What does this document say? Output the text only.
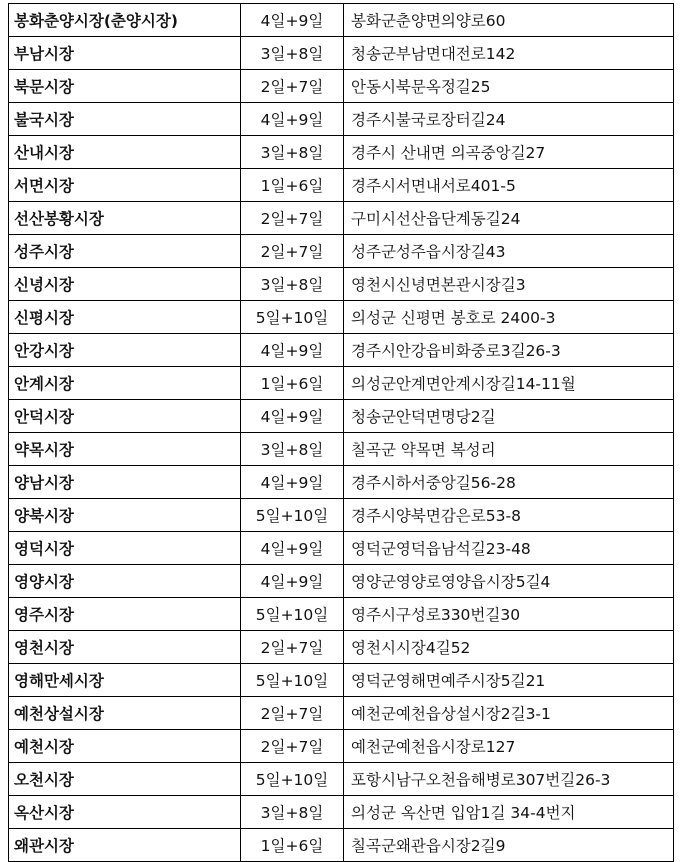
봉화춘양시장(춘양시장)	4일+9일	봉화군춘양면의양로60
부남시장	3일+8일	청송군부남면대전로142
북문시장	2일+7일	안동시북문옥정길25
불국시장	4일+9일	경주시불국로장터길24
산내시장	3일+8일	경주시 산내면 의곡중앙길27
서면시장	1일+6일	경주시서면내서로401-5
선산봉황시장	2일+7일	구미시선산읍단계동길24
성주시장	2일+7일	성주군성주읍시장길43
신녕시장	3일+8일	영천시신녕면본관시장길3
신평시장	5일+10일	의성군 신평면 봉호로 2400-3
안강시장	4일+9일	경주시안강읍비화중로3길26-3
안계시장	1일+6일	의성군안계면안계시장길14-11월
안덕시장	4일+9일	청송군안덕면명당2길
약목시장	3일+8일	칠곡군 약목면 복성리
양남시장	4일+9일	경주시하서중앙길56-28
양북시장	5일+10일	경주시양북면감은로53-8
영덕시장	4일+9일	영덕군영덕읍남석길23-48
영양시장	4일+9일	영양군영양로영양읍시장5길4
영주시장	5일+10일	영주시구성로330번길30
영천시장	2일+7일	영천시시장4길52
영해만세시장	5일+10일	영덕군영해면예주시장5길21
예천상설시장	2일+7일	예천군예천읍상설시장2길3-1
예천시장	2일+7일	예천군예천읍시장로127
오천시장	5일+10일	포항시남구오천읍해병로307번길26-3
옥산시장	3일+8일	의성군 옥산면 입암1길 34-4번지
왜관시장	1일+6일	칠곡군왜관읍시장2길9
